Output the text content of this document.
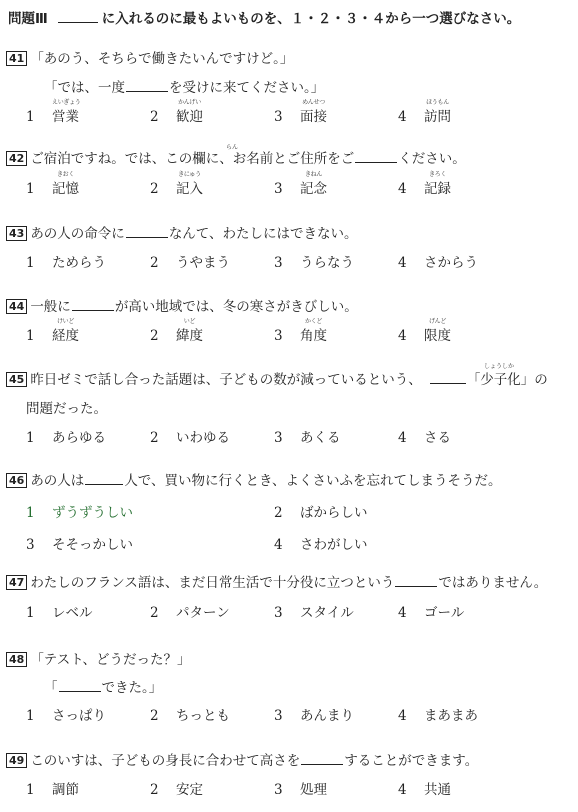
問題Ⅲ	に入れるのに最もよいものを、１・２・３・４から一つ選びなさい。
41 「あのう、そちらで働きたいんですけど。」
「では、一度	を受けに来てください。」
1
えいぎょう
営業	2
かんげい
歓迎	3
めんせつ
面接	4
ほうもん
訪問
42 ご宿泊ですね。では、この欄に、お名前とご住所をご	ください。
らん
1
きおく
記憶	2
きにゅう
記入	3
きねん
記念	4
きろく
記録
43 あの人の命令に	なんて、わたしにはできない。
1 ためらう	2 うやまう	3 うらなう	4 さからう
44 一般に	が高い地域では、冬の寒さがきびしい。
1
けいど
経度	2
いど
緯度	3
かくど
角度	4
げんど
限度
45 昨日ゼミで話し合った話題は、子どもの数が減っているという、	「少子化」の
しょうしか
問題だった。
1 あらゆる	2 いわゆる	3 あくる	4 さる
46 あの人は	人で、買い物に行くとき、よくさいふを忘れてしまうそうだ。
1 ずうずうしい	2 ばからしい
3 そそっかしい	4 さわがしい
47 わたしのフランス語は、まだ日常生活で十分役に立つという	ではありません。
1 レベル	2 パターン	3 スタイル	4 ゴール
48 「テスト、どうだった？」
「	できた。」
1 さっぱり	2 ちっとも	3 あんまり	4 まあまあ
49 このいすは、子どもの身長に合わせて高さを	することができます。
1 調節	2 安定	3 処理	4 共通
